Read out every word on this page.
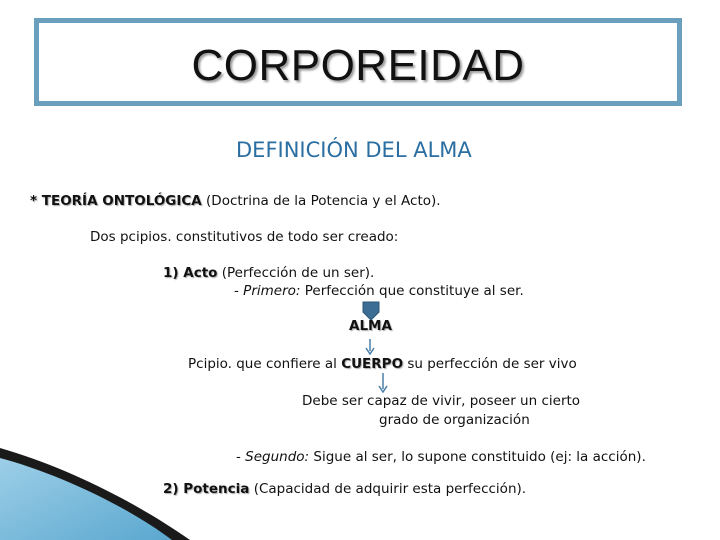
CORPOREIDAD
DEFINICIÓN DEL ALMA
* TEORÍA ONTOLÓGICA (Doctrina de la Potencia y el Acto).
Dos pcipios. constitutivos de todo ser creado:
1) Acto (Perfección de un ser).
- Primero: Perfección que constituye al ser.
ALMA
Pcipio. que confiere al CUERPO su perfección de ser vivo
Debe ser capaz de vivir, poseer un cierto
grado de organización
- Segundo: Sigue al ser, lo supone constituido (ej: la acción).
2) Potencia (Capacidad de adquirir esta perfección).
